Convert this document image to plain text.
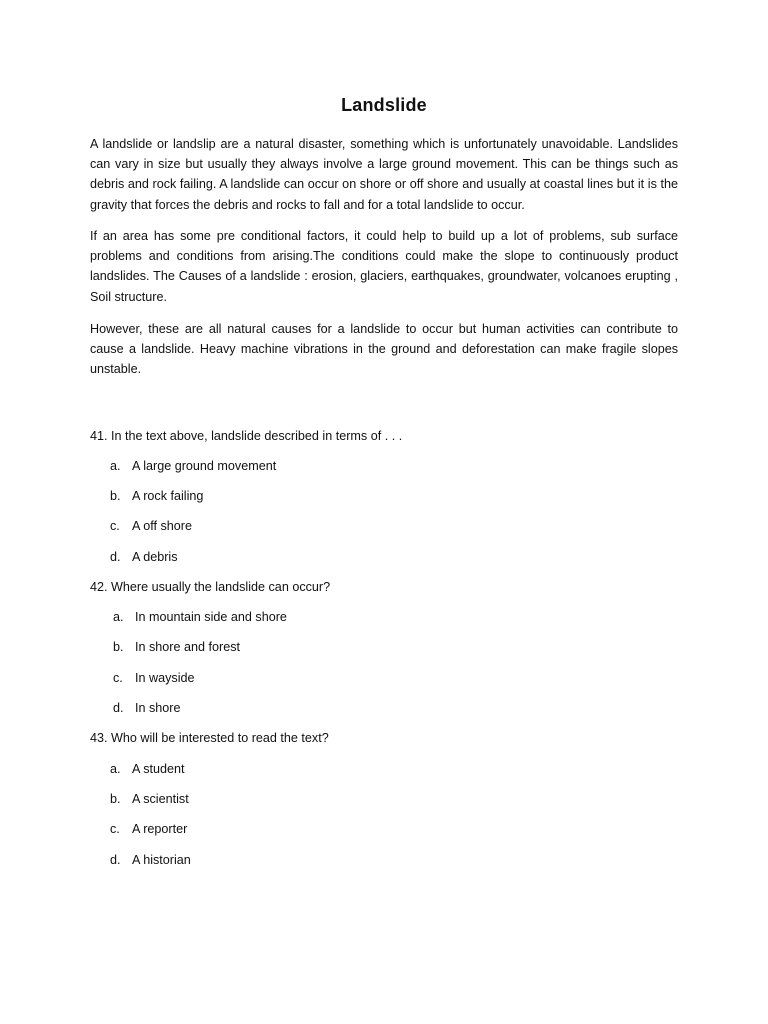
Landslide

A landslide or landslip are a natural disaster, something which is unfortunately unavoidable. Landslides can vary in size but usually they always involve a large ground movement. This can be things such as debris and rock failing. A landslide can occur on shore or off shore and usually at coastal lines but it is the gravity that forces the debris and rocks to fall and for a total landslide to occur.

If an area has some pre conditional factors, it could help to build up a lot of problems, sub surface problems and conditions from arising.The conditions could make the slope to continuously product landslides. The Causes of a landslide : erosion, glaciers, earthquakes, groundwater, volcanoes erupting , Soil structure.

However, these are all natural causes for a landslide to occur but human activities can contribute to cause a landslide. Heavy machine vibrations in the ground and deforestation can make fragile slopes unstable.

41. In the text above, landslide described in terms of . . .
a. A large ground movement
b. A rock failing
c. A off shore
d. A debris
42. Where usually the landslide can occur?
a. In mountain side and shore
b. In shore and forest
c. In wayside
d. In shore
43. Who will be interested to read the text?
a. A student
b. A scientist
c. A reporter
d. A historian
